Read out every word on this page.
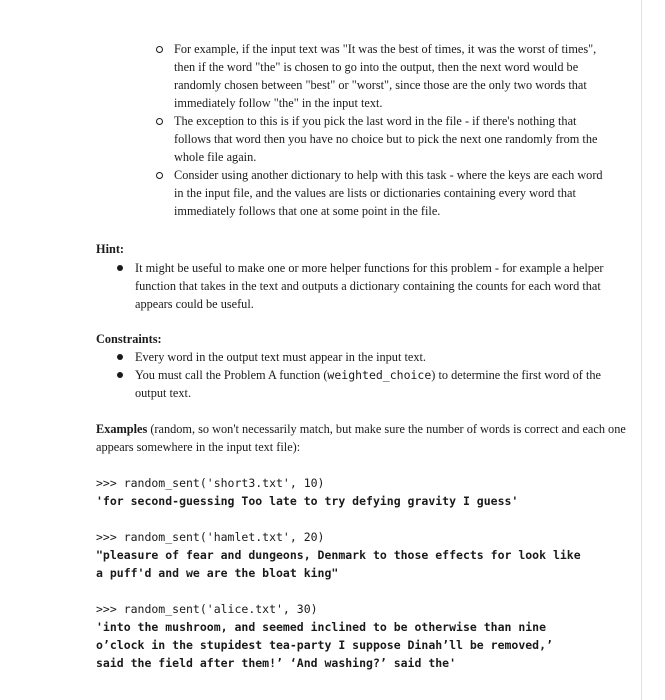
For example, if the input text was "It was the best of times, it was the worst of times", then if the word "the" is chosen to go into the output, then the next word would be randomly chosen between "best" or "worst", since those are the only two words that immediately follow "the" in the input text.
The exception to this is if you pick the last word in the file - if there's nothing that follows that word then you have no choice but to pick the next one randomly from the whole file again.
Consider using another dictionary to help with this task - where the keys are each word in the input file, and the values are lists or dictionaries containing every word that immediately follows that one at some point in the file.
Hint:
It might be useful to make one or more helper functions for this problem - for example a helper function that takes in the text and outputs a dictionary containing the counts for each word that appears could be useful.
Constraints:
Every word in the output text must appear in the input text.
You must call the Problem A function (weighted_choice) to determine the first word of the output text.
Examples (random, so won't necessarily match, but make sure the number of words is correct and each one appears somewhere in the input text file):
>>> random_sent('short3.txt', 10)
'for second-guessing Too late to try defying gravity I guess'
>>> random_sent('hamlet.txt', 20)
"pleasure of fear and dungeons, Denmark to those effects for look like
a puff'd and we are the bloat king"
>>> random_sent('alice.txt', 30)
'into the mushroom, and seemed inclined to be otherwise than nine
o’clock in the stupidest tea-party I suppose Dinah’ll be removed,’
said the field after them!’ ‘And washing?’ said the'
